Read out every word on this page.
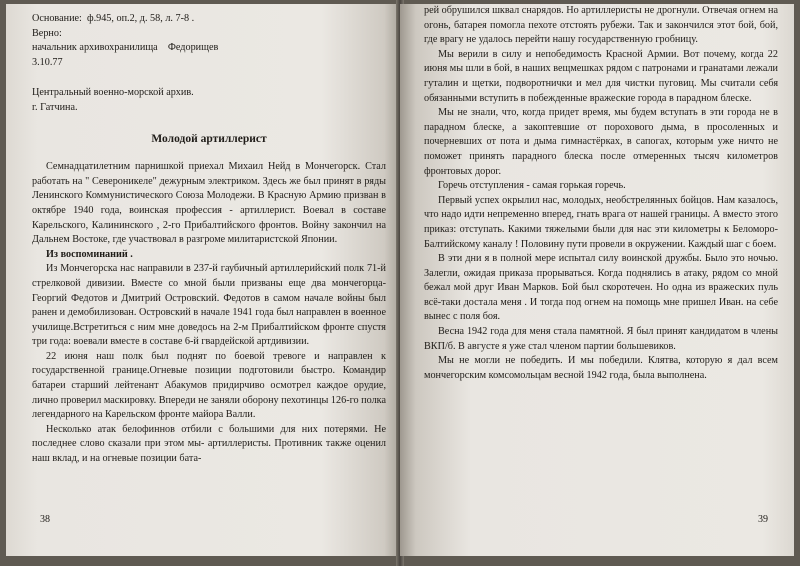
Основание:  ф.945, оп.2, д. 58, л. 7-8 .
Верно:
начальник архивохранилища    Федорищев
3.10.77
Центральный военно-морской архив.
г. Гатчина.
Молодой артиллерист

Семнадцатилетним парнишкой приехал Михаил Нейд в Мончегорск. Стал работать на " Североникеле" дежурным электриком. Здесь же был принят в ряды Ленинского Коммунистического Союза Молодежи. В Красную Армию призван в октябре 1940 года, воинская профессия - артиллерист. Воевал в составе Карельского, Калининского , 2-го Прибалтийского фронтов. Войну закончил на Дальнем Востоке, где участвовал в разгроме милитаристской Японии.

Из воспоминаний .

Из Мончегорска нас направили в 237-й гаубичный артиллерийский полк 71-й стрелковой дивизии. Вместе со мной были призваны еще два мончегорца- Георгий Федотов и Дмитрий Островский. Федотов в самом начале войны был ранен и демобилизован. Островский в начале 1941 года был направлен в военное училище.Встретиться с ним мне доведось на 2-м Прибалтийском фронте спустя три года: воевали вместе в составе 6-й гвардейской артдивизии.

22 июня наш полк был поднят по боевой тревоге и направлен к государственной границе.Огневые позиции подготовили быстро. Командир батареи старший лейтенант Абакумов придирчиво осмотрел каждое орудие, лично проверил маскировку. Впереди не заняли оборону пехотинцы 126-го полка легендарного на Карельском фронте майора Валли.

Несколько атак белофиннов отбили с большими для них потерями. Не последнее слово сказали при этом мы- артиллеристы. Противник также оценил наш вклад, и на огневые позиции бата-

38

рей обрушился шквал снарядов. Но артиллеристы не дрогнули. Отвечая огнем на огонь, батарея помогла пехоте отстоять рубежи. Так и закончился этот бой, бой, где врагу не удалось перейти нашу государственную гробницу.

Мы верили в силу и непобедимость Красной Армии. Вот почему, когда 22 июня мы шли в бой, в наших вещмешках рядом с патронами и гранатами лежали гуталин и щетки, подворотнички и мел для чистки пуговиц. Мы считали себя обязанными вступить в побежденные вражеские города в парадном блеске.

Мы не знали, что, когда придет время, мы будем вступать в эти города не в парадном блеске, а закоптевшие от порохового дыма, в просоленных и почерневших от пота и дыма гимнастёрках, в сапогах, которым уже ничто не поможет принять парадного блеска после отмеренных тысяч километров фронтовых дорог.

Горечь отступления - самая горькая горечь.

Первый успех окрылил нас, молодых, необстрелянных бойцов. Нам казалось, что надо идти непременно вперед, гнать врага от нашей границы. А вместо этого приказ: отступать. Какими тяжелыми были для нас эти километры к Беломоро-Балтийскому каналу ! Половину пути провели в окружении. Каждый шаг с боем.

В эти дни я в полной мере испытал силу воинской дружбы. Было это ночью. Залегли, ожидая приказа прорываться. Когда поднялись в атаку, рядом со мной бежал мой друг Иван Марков. Бой был скоротечен. Но одна из вражеских пуль всё-таки достала меня . И тогда под огнем на помощь мне пришел Иван. на себе вынес с поля боя.

Весна 1942 года для меня стала памятной. Я был принят кандидатом в члены ВКП/б. В августе я уже стал членом партии большевиков.

Мы не могли не победить. И мы победили. Клятва, которую я дал всем мончегорским комсомольцам весной 1942 года, была выполнена.

39
